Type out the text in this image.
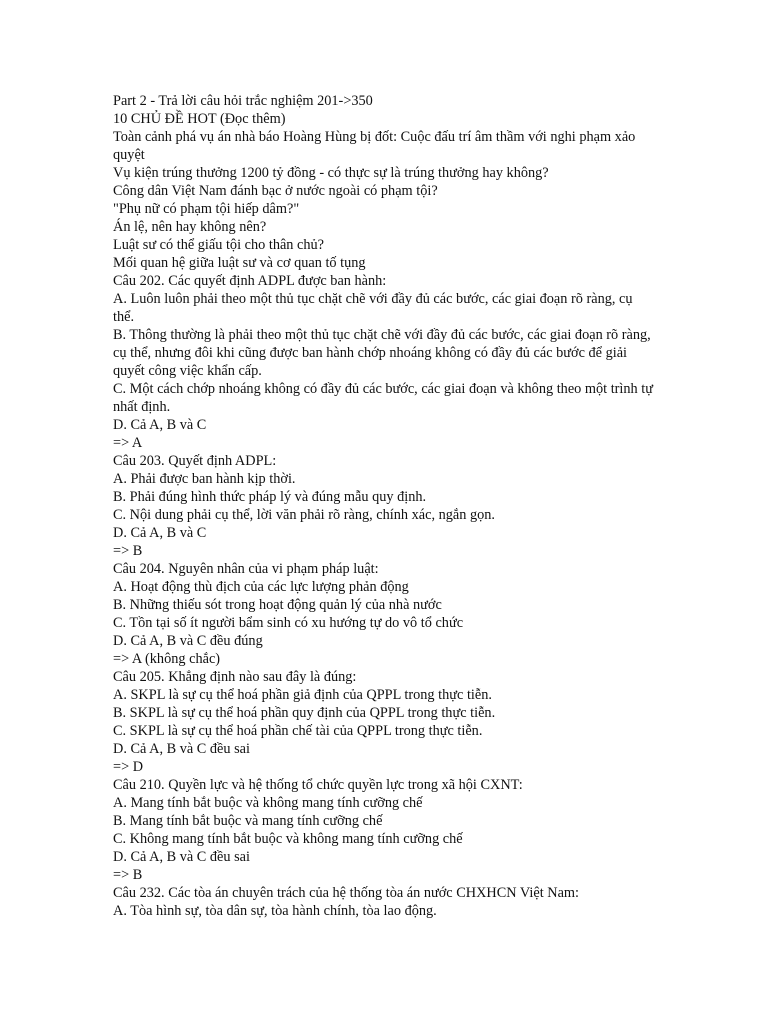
Part 2 - Trả lời câu hỏi trắc nghiệm 201->350

10 CHỦ ĐỀ HOT (Đọc thêm)

Toàn cảnh phá vụ án nhà báo Hoàng Hùng bị đốt: Cuộc đấu trí âm thầm với nghi phạm xảo quyệt

Vụ kiện trúng thưởng 1200 tỷ đồng - có thực sự là trúng thưởng hay không?

Công dân Việt Nam đánh bạc ở nước ngoài có phạm tội?

"Phụ nữ có phạm tội hiếp dâm?"

Án lệ, nên hay không nên?

Luật sư có thể giấu tội cho thân chủ?

Mối quan hệ giữa luật sư và cơ quan tố tụng

Câu 202. Các quyết định ADPL được ban hành:

A. Luôn luôn phải theo một thủ tục chặt chẽ với đầy đủ các bước, các giai đoạn rõ ràng, cụ thể.

B. Thông thường là phải theo một thủ tục chặt chẽ với đầy đủ các bước, các giai đoạn rõ ràng, cụ thể, nhưng đôi khi cũng được ban hành chớp nhoáng không có đầy đủ các bước để giải quyết công việc khẩn cấp.

C. Một cách chớp nhoáng không có đầy đủ các bước, các giai đoạn và không theo một trình tự nhất định.

D. Cả A, B và C

=> A

Câu 203. Quyết định ADPL:

A. Phải được ban hành kịp thời.

B. Phải đúng hình thức pháp lý và đúng mẫu quy định.

C. Nội dung phải cụ thể, lời văn phải rõ ràng, chính xác, ngắn gọn.

D. Cả A, B và C

=> B

Câu 204. Nguyên nhân của vi phạm pháp luật:

A. Hoạt động thù địch của các lực lượng phản động

B. Những thiếu sót trong hoạt động quản lý của nhà nước

C. Tồn tại số ít người bẩm sinh có xu hướng tự do vô tổ chức

D. Cả A, B và C đều đúng

=> A (không chắc)

Câu 205. Khẳng định nào sau đây là đúng:

A. SKPL là sự cụ thể hoá phần giả định của QPPL trong thực tiễn.

B. SKPL là sự cụ thể hoá phần quy định của QPPL trong thực tiễn.

C. SKPL là sự cụ thể hoá phần chế tài của QPPL trong thực tiễn.

D. Cả A, B và C đều sai

=> D

Câu 210. Quyền lực và hệ thống tổ chức quyền lực trong xã hội CXNT:

A. Mang tính bắt buộc và không mang tính cưỡng chế

B. Mang tính bắt buộc và mang tính cưỡng chế

C. Không mang tính bắt buộc và không mang tính cưỡng chế

D. Cả A, B và C đều sai

=> B

Câu 232. Các tòa án chuyên trách của hệ thống tòa án nước CHXHCN Việt Nam:

A. Tòa hình sự, tòa dân sự, tòa hành chính, tòa lao động.
